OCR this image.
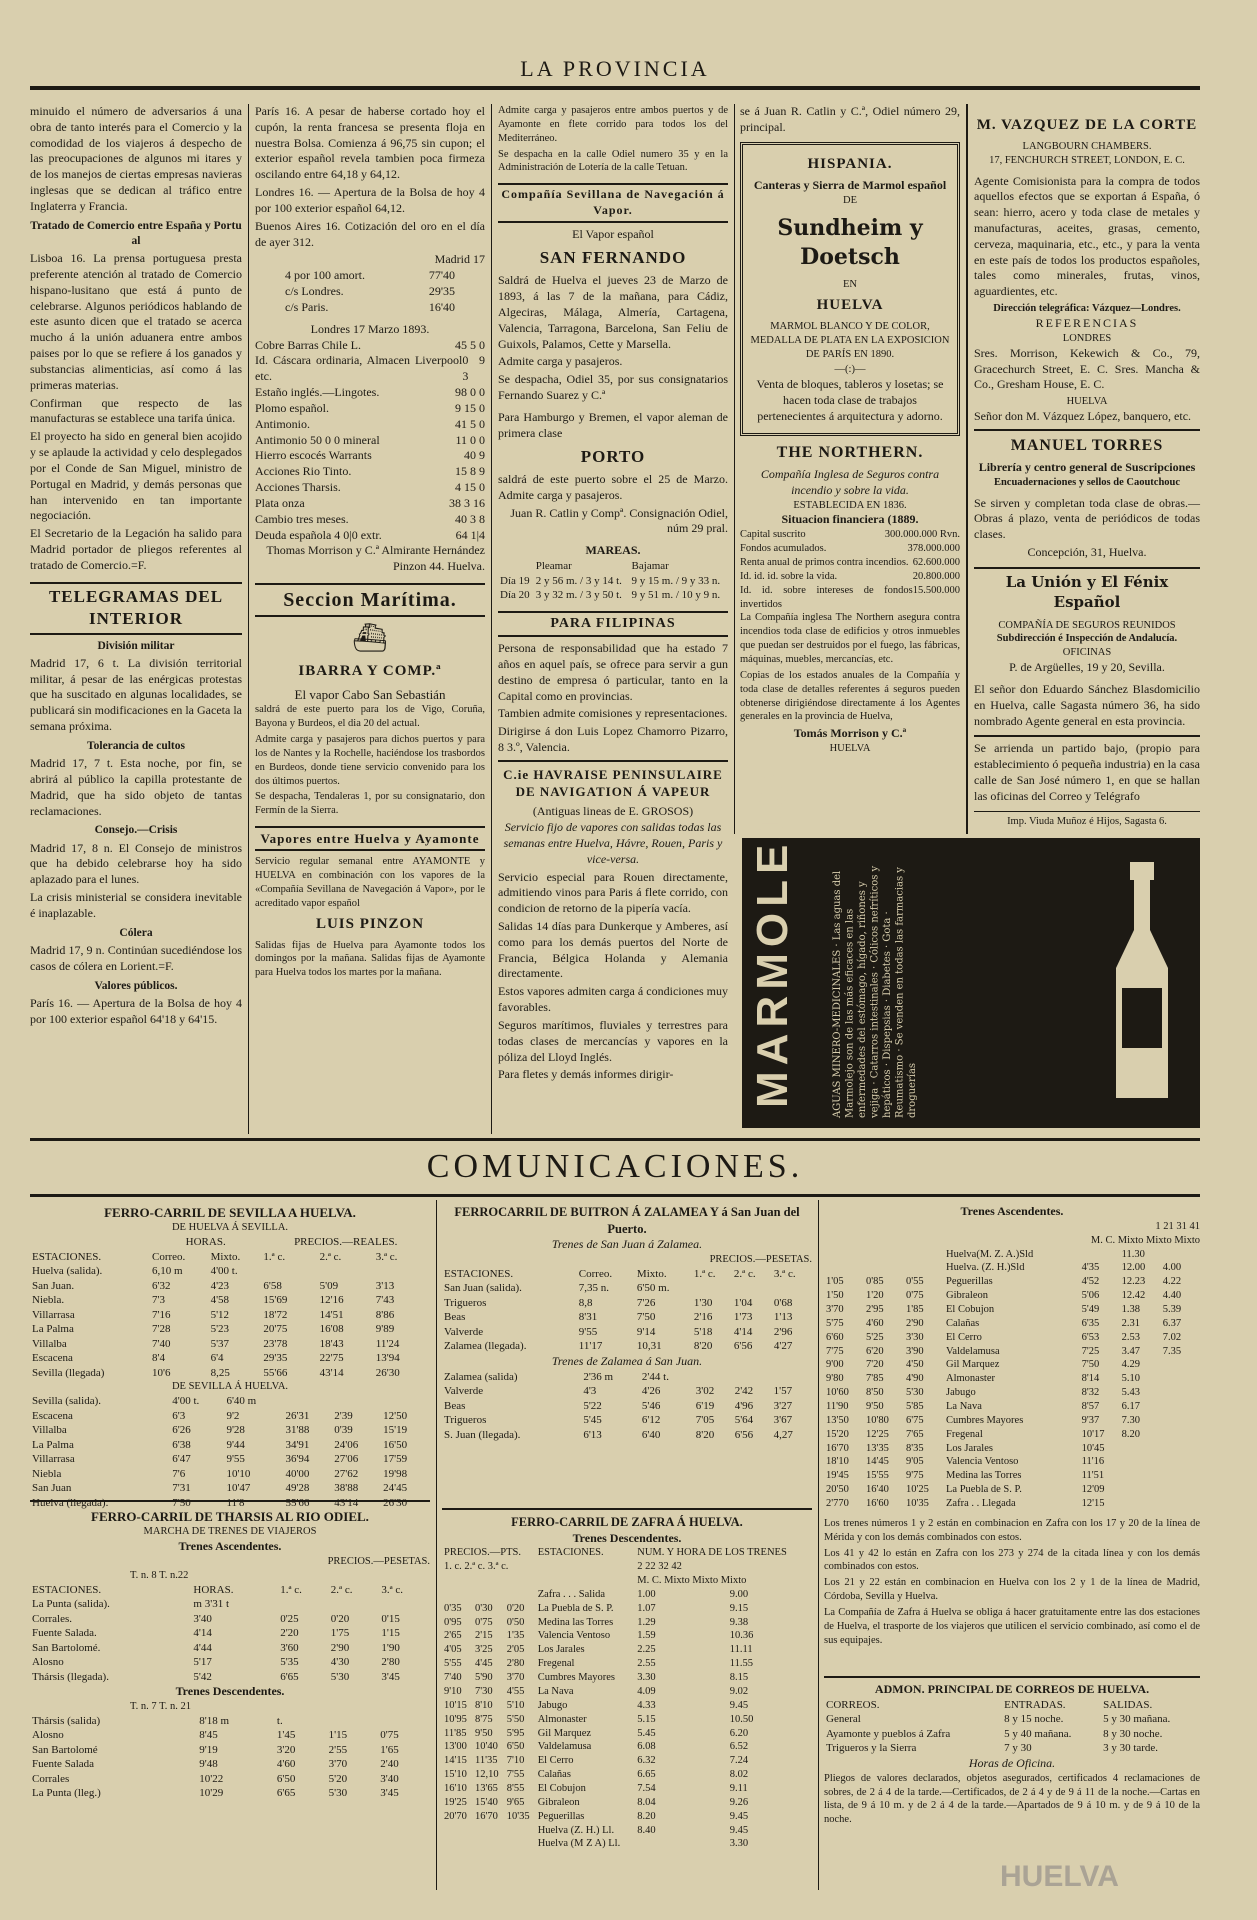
LA PROVINCIA

minuido el número de adversarios á una obra de tanto interés para el Comercio y la comodidad de los viajeros á despecho de las preocupaciones de algunos mi itares y de los manejos de ciertas empresas navieras inglesas que se dedican al tráfico entre Inglaterra y Francia.

Tratado de Comercio entre España y Portu al

Lisboa 16. La prensa portuguesa presta preferente atención al tratado de Comercio hispano-lusitano que está á punto de celebrarse. Algunos periódicos hablando de este asunto dicen que el tratado se acerca mucho á la unión aduanera entre ambos paises por lo que se refiere á los ganados y substancias alimenticias, así como á las primeras materias.

Confirman que respecto de las manufacturas se establece una tarifa única.

El proyecto ha sido en general bien acojido y se aplaude la actividad y celo desplegados por el Conde de San Miguel, ministro de Portugal en Madrid, y demás personas que han intervenido en tan importante negociación.

El Secretario de la Legación ha salido para Madrid portador de pliegos referentes al tratado de Comercio.=F.

TELEGRAMAS DEL INTERIOR
División militar

Madrid 17, 6 t. La división territorial militar, á pesar de las enérgicas protestas que ha suscitado en algunas localidades, se publicará sin modificaciones en la Gaceta la semana próxima.

Tolerancia de cultos

Madrid 17, 7 t. Esta noche, por fin, se abrirá al público la capilla protestante de Madrid, que ha sido objeto de tantas reclamaciones.

Consejo.—Crisis

Madrid 17, 8 n. El Consejo de ministros que ha debido celebrarse hoy ha sido aplazado para el lunes.

La crisis ministerial se considera inevitable é inaplazable.

Cólera

Madrid 17, 9 n. Continúan sucediéndose los casos de cólera en Lorient.=F.

Valores públicos.

París 16. — Apertura de la Bolsa de hoy 4 por 100 exterior español 64'18 y 64'15.

París 16. A pesar de haberse cortado hoy el cupón, la renta francesa se presenta floja en nuestra Bolsa. Comienza á 96,75 sin cupon; el exterior español revela tambien poca firmeza oscilando entre 64,18 y 64,12.

Londres 16. — Apertura de la Bolsa de hoy 4 por 100 exterior español 64,12.

Buenos Aires 16. Cotización del oro en el día de ayer 312.

Madrid 17
4 por 100 amort.	77'40
c/s Londres.	29'35
c/s Paris.	16'40
Londres 17 Marzo 1893.
Cobre Barras Chile L.	45 5 0
Id. Cáscara ordinaria, Almacen Liverpool etc.
0 9 3
Estaño inglés.—Lingotes.	98 0 0
Plomo español.	9 15 0
Antimonio.	41 5 0
Antimonio 50 0 0 mineral	11 0 0
Hierro escocés Warrants	40 9
Acciones Rio Tinto.	15 8 9
Acciones Tharsis.	4 15 0
Plata onza	38 3 16
Cambio tres meses.	40 3 8
Deuda española 4 0|0 extr.	64 1|4

Thomas Morrison y C.ª Almirante Hernández Pinzon 44. Huelva.

Seccion Marítima.
⛴
IBARRA Y COMP.ª
El vapor Cabo San Sebastián

saldrá de este puerto para los de Vigo, Coruña, Bayona y Burdeos, el dia 20 del actual.

Admite carga y pasajeros para dichos puertos y para los de Nantes y la Rochelle, haciéndose los trasbordos en Burdeos, donde tiene servicio convenido para los dos últimos puertos.

Se despacha, Tendaleras 1, por su consignatario, don Fermín de la Sierra.

Vapores entre Huelva y Ayamonte

Servicio regular semanal entre AYAMONTE y HUELVA en combinación con los vapores de la «Compañía Sevillana de Navegación á Vapor», por le acreditado vapor español

LUIS PINZON

Salidas fijas de Huelva para Ayamonte todos los domingos por la mañana. Salidas fijas de Ayamonte para Huelva todos los martes por la mañana.

Admite carga y pasajeros entre ambos puertos y de Ayamonte en flete corrido para todos los del Mediterráneo.

Se despacha en la calle Odiel numero 35 y en la Administración de Lotería de la calle Tetuan.

Compañía Sevillana de Navegación á Vapor.
El Vapor español
SAN FERNANDO

Saldrá de Huelva el jueves 23 de Marzo de 1893, á las 7 de la mañana, para Cádiz, Algeciras, Málaga, Almería, Cartagena, Valencia, Tarragona, Barcelona, San Feliu de Guixols, Palamos, Cette y Marsella.

Admite carga y pasajeros.

Se despacha, Odiel 35, por sus consignatarios Fernando Suarez y C.ª

Para Hamburgo y Bremen, el vapor aleman de primera clase

PORTO

saldrá de este puerto sobre el 25 de Marzo. Admite carga y pasajeros.

Juan R. Catlin y Compª. Consignación Odiel, núm 29 pral.

MAREAS.
	Pleamar	Bajamar
Día 19	2 y 56 m. / 3 y 14 t.	9 y 15 m. / 9 y 33 n.
Día 20	3 y 32 m. / 3 y 50 t.	9 y 51 m. / 10 y 9 n.
PARA FILIPINAS

Persona de responsabilidad que ha estado 7 años en aquel país, se ofrece para servir a gun destino de empresa ó particular, tanto en la Capital como en provincias.

Tambien admite comisiones y representaciones.

Dirigirse á don Luis Lopez Chamorro Pizarro, 8 3.º, Valencia.

C.ie HAVRAISE PENINSULAIRE DE NAVIGATION Á VAPEUR
(Antiguas lineas de E. GROSOS)

Servicio fijo de vapores con salidas todas las semanas entre Huelva, Hávre, Rouen, Paris y vice-versa.

Servicio especial para Rouen directamente, admitiendo vinos para Paris á flete corrido, con condicion de retorno de la pipería vacía.

Salidas 14 días para Dunkerque y Amberes, así como para los demás puertos del Norte de Francia, Bélgica Holanda y Alemania directamente.

Estos vapores admiten carga á condiciones muy favorables.

Seguros marítimos, fluviales y terrestres para todas clases de mercancías y vapores en la póliza del Lloyd Inglés.

Para fletes y demás informes dirigir-

se á Juan R. Catlin y C.ª, Odiel número 29, principal.

HISPANIA.
Canteras y Sierra de Marmol español
DE
Sundheim y Doetsch
EN
HUELVA

MARMOL BLANCO Y DE COLOR, MEDALLA DE PLATA EN LA EXPOSICION DE PARÍS EN 1890.

—(:)—

Venta de bloques, tableros y losetas; se hacen toda clase de trabajos pertenecientes á arquitectura y adorno.

THE NORTHERN.
Compañía Inglesa de Seguros contra incendio y sobre la vida.
ESTABLECIDA EN 1836.
Situacion financiera (1889.
Capital suscrito	300.000.000 Rvn.
Fondos acumulados.	378.000.000
Renta anual de primos contra incendios. 62.600.000
Id. id. id. sobre la vida.	20.800.000
Id. id. sobre intereses de fondos invertidos
15.500.000

La Compañía inglesa The Northern asegura contra incendios toda clase de edificios y otros inmuebles que puedan ser destruidos por el fuego, las fábricas, máquinas, muebles, mercancías, etc.

Copias de los estados anuales de la Compañía y toda clase de detalles referentes á seguros pueden obtenerse dirigiéndose directamente á los Agentes generales en la provincia de Huelva,

Tomás Morrison y C.ª
HUELVA
M. VAZQUEZ DE LA CORTE
LANGBOURN CHAMBERS.
17, FENCHURCH STREET, LONDON, E. C.

Agente Comisionista para la compra de todos aquellos efectos que se exportan á España, ó sean: hierro, acero y toda clase de metales y manufacturas, aceites, grasas, cemento, cerveza, maquinaria, etc., etc., y para la venta en este país de todos los productos españoles, tales como minerales, frutas, vinos, aguardientes, etc.

Dirección telegráfica: Vázquez—Londres.
REFERENCIAS
LONDRES

Sres. Morrison, Kekewich & Co., 79, Gracechurch Street, E. C. Sres. Mancha & Co., Gresham House, E. C.

HUELVA

Señor don M. Vázquez López, banquero, etc.

MANUEL TORRES
Librería y centro general de Suscripciones
Encuadernaciones y sellos de Caoutchouc

Se sirven y completan toda clase de obras.— Obras á plazo, venta de periódicos de todas clases.

Concepción, 31, Huelva.
La Unión y El Fénix Español
COMPAÑÍA DE SEGUROS REUNIDOS
Subdirección é Inspección de Andalucía.
OFICINAS
P. de Argüelles, 19 y 20, Sevilla.

El señor don Eduardo Sánchez Blasdomicilio en Huelva, calle Sagasta número 36, ha sido nombrado Agente general en esta provincia.

Se arrienda un partido bajo, (propio para establecimiento ó pequeña industria) en la casa calle de San José número 1, en que se hallan las oficinas del Correo y Telégrafo

Imp. Viuda Muñoz é Hijos, Sagasta 6.
MARMOLEJO	AGUAS MINERO-MEDICINALES · Las aguas del Marmolejo son de las más eficaces en las enfermedades del estómago, hígado, riñones y vejiga · Catarros intestinales · Cólicos nefríticos y hepáticos · Dispepsias · Diabetes · Gota · Reumatismo · Se venden en todas las farmacias y droguerías
COMUNICACIONES.
FERRO-CARRIL DE SEVILLA A HUELVA.
DE HUELVA Á SEVILLA.
	HORAS.		PRECIOS.—REALES.		
ESTACIONES.	Correo.	Mixto.	1.ª c.	2.ª c.	3.ª c.
Huelva (salida).	6,10 m	4'00 t.			
San Juan.	6'32	4'23	6'58	5'09	3'13
Niebla.	7'3	4'58	15'69	12'16	7'43
Villarrasa	7'16	5'12	18'72	14'51	8'86
La Palma	7'28	5'23	20'75	16'08	9'89
Villalba	7'40	5'37	23'78	18'43	11'24
Escacena	8'4	6'4	29'35	22'75	13'94
Sevilla (llegada)	10'6	8,25	55'66	43'14	26'30
DE SEVILLA Á HUELVA.
Sevilla (salida).	4'00 t.	6'40 m			
Escacena	6'3	9'2	26'31	2'39	12'50
Villalba	6'26	9'28	31'88	0'39	15'19
La Palma	6'38	9'44	34'91	24'06	16'50
Villarrasa	6'47	9'55	36'94	27'06	17'59
Niebla	7'6	10'10	40'00	27'62	19'98
San Juan	7'31	10'47	49'28	38'88	24'45
Huelva (llegada).	7'50	11'8	55'66	43'14	26'30
FERRO-CARRIL DE THARSIS AL RIO ODIEL.
MARCHA DE TRENES DE VIAJEROS
Trenes Ascendentes.
PRECIOS.—PESETAS.
T. n. 8 T. n.22
ESTACIONES.	HORAS.	1.ª c.	2.ª c.	3.ª c.
La Punta (salida).	m 3'31 t			
Corrales.	3'40	0'25	0'20	0'15
Fuente Salada.	4'14	2'20	1'75	1'15
San Bartolomé.	4'44	3'60	2'90	1'90
Alosno	5'17	5'35	4'30	2'80
Thársis (llegada).	5'42	6'65	5'30	3'45
Trenes Descendentes.
T. n. 7 T. n. 21
Thársis (salida)	8'18 m	t.		
Alosno	8'45	1'45	1'15	0'75
San Bartolomé	9'19	3'20	2'55	1'65
Fuente Salada	9'48	4'60	3'70	2'40
Corrales	10'22	6'50	5'20	3'40
La Punta (lleg.)	10'29	6'65	5'30	3'45
FERROCARRIL DE BUITRON Á ZALAMEA Y á San Juan del Puerto.
Trenes de San Juan á Zalamea.
PRECIOS.—PESETAS.
ESTACIONES.	Correo.	Mixto.	1.ª c.	2.ª c.	3.ª c.
San Juan (salida).	7,35 n.	6'50 m.			
Trigueros	8,8	7'26	1'30	1'04	0'68
Beas	8'31	7'50	2'16	1'73	1'13
Valverde	9'55	9'14	5'18	4'14	2'96
Zalamea (llegada).	11'17	10,31	8'20	6'56	4'27
Trenes de Zalamea á San Juan.
Zalamea (salida)	2'36 m	2'44 t.			
Valverde	4'3	4'26	3'02	2'42	1'57
Beas	5'22	5'46	6'19	4'96	3'27
Trigueros	5'45	6'12	7'05	5'64	3'67
S. Juan (llegada).	6'13	6'40	8'20	6'56	4,27
FERRO-CARRIL DE ZAFRA Á HUELVA.
Trenes Descendentes.
PRECIOS.—PTS.			ESTACIONES.	NUM. Y HORA DE LOS TRENES			
1. c. 2.ª c. 3.ª c.				2 22 32 42			
				M. C. Mixto Mixto Mixto			
			Zafra . . . Salida	1.00			9.00
0'35	0'30	0'20	La Puebla de S. P.	1.07			9.15
0'95	0'75	0'50	Medina las Torres	1.29			9.38
2'65	2'15	1'35	Valencia Ventoso	1.59			10.36
4'05	3'25	2'05	Los Jarales	2.25			11.11
5'55	4'45	2'80	Fregenal	2.55			11.55
7'40	5'90	3'70	Cumbres Mayores	3.30			8.15
9'10	7'30	4'55	La Nava	4.09			9.02
10'15	8'10	5'10	Jabugo	4.33			9.45
10'95	8'75	5'50	Almonaster	5.15			10.50
11'85	9'50	5'95	Gil Marquez	5.45			6.20
13'00	10'40	6'50	Valdelamusa	6.08			6.52
14'15	11'35	7'10	El Cerro	6.32			7.24
15'10	12,10	7'55	Calañas	6.65			8.02
16'10	13'65	8'55	El Cobujon	7.54			9.11
19'25	15'40	9'65	Gibraleon	8.04			9.26
20'70	16'70	10'35	Peguerillas	8.20			9.45
			Huelva (Z. H.) Ll.	8.40			9.45
			Huelva (M Z A) Ll.				3.30
Trenes Ascendentes.
1 21 31 41
M. C. Mixto Mixto Mixto
			Huelva(M. Z. A.)Sld		11.30		
			Huelva. (Z. H.)Sld	4'35	12.00	4.00	
1'05	0'85	0'55	Peguerillas	4'52	12.23	4.22	
1'50	1'20	0'75	Gibraleon	5'06	12.42	4.40	
3'70	2'95	1'85	El Cobujon	5'49	1.38	5.39	
5'75	4'60	2'90	Calañas	6'35	2.31	6.37	
6'60	5'25	3'30	El Cerro	6'53	2.53	7.02	
7'75	6'20	3'90	Valdelamusa	7'25	3.47	7.35	
9'00	7'20	4'50	Gil Marquez	7'50	4.29		
9'80	7'85	4'90	Almonaster	8'14	5.10		
10'60	8'50	5'30	Jabugo	8'32	5.43		
11'90	9'50	5'85	La Nava	8'57	6.17		
13'50	10'80	6'75	Cumbres Mayores	9'37	7.30		
15'20	12'25	7'65	Fregenal	10'17	8.20		
16'70	13'35	8'35	Los Jarales	10'45			
18'10	14'45	9'05	Valencia Ventoso	11'16			
19'45	15'55	9'75	Medina las Torres	11'51			
20'50	16'40	10'25	La Puebla de S. P.	12'09			
2'770	16'60	10'35	Zafra . . Llegada	12'15			

Los trenes números 1 y 2 están en combinacion en Zafra con los 17 y 20 de la línea de Mérida y con los demás combinados con estos.

Los 41 y 42 lo están en Zafra con los 273 y 274 de la citada línea y con los demás combinados con estos.

Los 21 y 22 están en combinacion en Huelva con los 2 y 1 de la línea de Madrid, Córdoba, Sevilla y Huelva.

La Compañía de Zafra á Huelva se obliga á hacer gratuitamente entre las dos estaciones de Huelva, el trasporte de los viajeros que utilicen el servicio combinado, así como el de sus equipajes.

ADMON. PRINCIPAL DE CORREOS DE HUELVA.
CORREOS.	ENTRADAS.	SALIDAS.
General	8 y 15 noche.	5 y 30 mañana.
Ayamonte y pueblos á Zafra	5 y 40 mañana.	8 y 30 noche.
Trigueros y la Sierra	7 y 30	3 y 30 tarde.
Horas de Oficina.

Pliegos de valores declarados, objetos asegurados, certificados 4 reclamaciones de sobres, de 2 á 4 de la tarde.—Certificados, de 2 á 4 y de 9 á 11 de la noche.—Cartas en lista, de 9 á 10 m. y de 2 á 4 de la tarde.—Apartados de 9 á 10 m. y de 9 á 10 de la noche.

HUELVA
